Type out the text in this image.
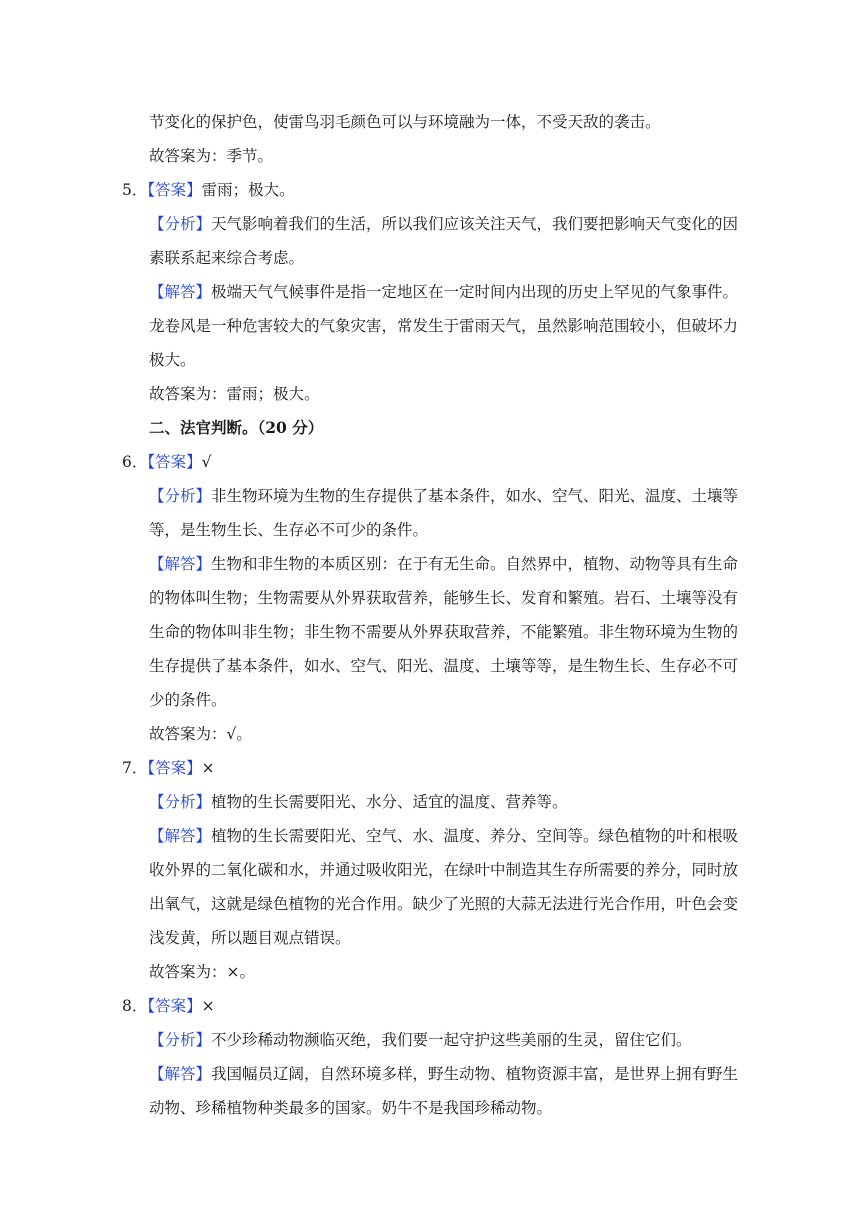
节变化的保护色，使雷鸟羽毛颜色可以与环境融为一体，不受天敌的袭击。
故答案为：季节。
5．【答案】雷雨；极大。
【分析】天气影响着我们的生活，所以我们应该关注天气，我们要把影响天气变化的因
素联系起来综合考虑。
【解答】极端天气气候事件是指一定地区在一定时间内出现的历史上罕见的气象事件。
龙卷风是一种危害较大的气象灾害，常发生于雷雨天气，虽然影响范围较小，但破坏力
极大。
故答案为：雷雨；极大。
二、法官判断。（20 分）
6．【答案】√
【分析】非生物环境为生物的生存提供了基本条件，如水、空气、阳光、温度、土壤等
等，是生物生长、生存必不可少的条件。
【解答】生物和非生物的本质区别：在于有无生命。自然界中，植物、动物等具有生命
的物体叫生物；生物需要从外界获取营养，能够生长、发育和繁殖。岩石、土壤等没有
生命的物体叫非生物；非生物不需要从外界获取营养，不能繁殖。非生物环境为生物的
生存提供了基本条件，如水、空气、阳光、温度、土壤等等，是生物生长、生存必不可
少的条件。
故答案为：√。
7．【答案】×
【分析】植物的生长需要阳光、水分、适宜的温度、营养等。
【解答】植物的生长需要阳光、空气、水、温度、养分、空间等。绿色植物的叶和根吸
收外界的二氧化碳和水，并通过吸收阳光，在绿叶中制造其生存所需要的养分，同时放
出氧气，这就是绿色植物的光合作用。缺少了光照的大蒜无法进行光合作用，叶色会变
浅发黄，所以题目观点错误。
故答案为：×。
8．【答案】×
【分析】不少珍稀动物濒临灭绝，我们要一起守护这些美丽的生灵，留住它们。
【解答】我国幅员辽阔，自然环境多样，野生动物、植物资源丰富，是世界上拥有野生
动物、珍稀植物种类最多的国家。奶牛不是我国珍稀动物。
